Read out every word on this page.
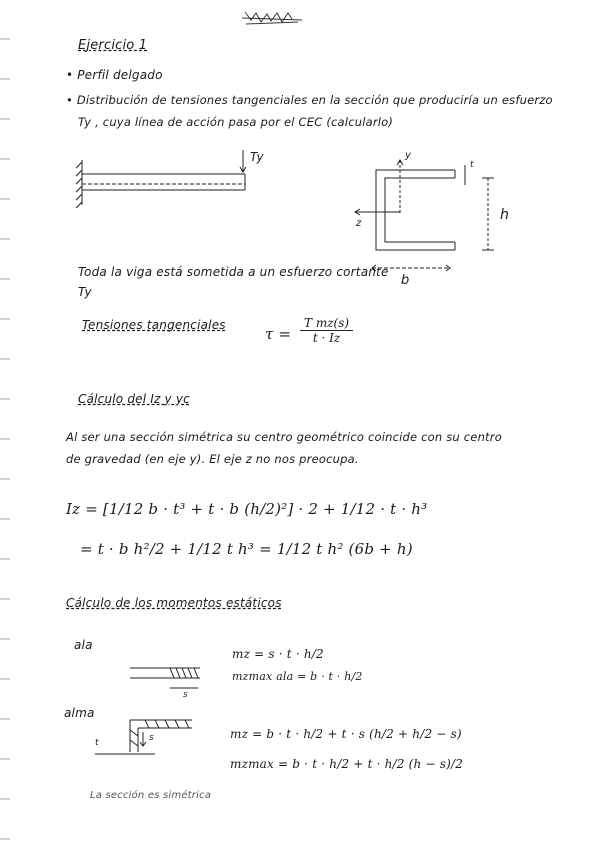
Ejercicio 1
• Perfil delgado
• Distribución de tensiones tangenciales en la sección que produciría un esfuerzo
Ty , cuya línea de acción pasa por el CEC (calcularlo)
Ty	y
z
t
h
b
Toda la viga está sometida a un esfuerzo cortante
Ty
Tensiones tangenciales	$\tau = \frac{\text{T mz(s)}}{t \cdot Iz}$
Cálculo del Iz y yc
Al ser una sección simétrica su centro geométrico coincide con su centro
de gravedad (en eje y). El eje z no nos preocupa.
Iz = [1/12 b · t³ + t · b (h/2)²] · 2 + 1/12 · t · h³
= t · b h²/2 + 1/12 t h³ = 1/12 t h² (6b + h)
Cálculo de los momentos estáticos
ala
s
mz = s · t · h/2
mzmax ala = b · t · h/2
alma
s
t
mz = b · t · h/2 + t · s (h/2 + h/2 − s)
mzmax = b · t · h/2 + t · h/2 (h − s)/2
La sección es simétrica
